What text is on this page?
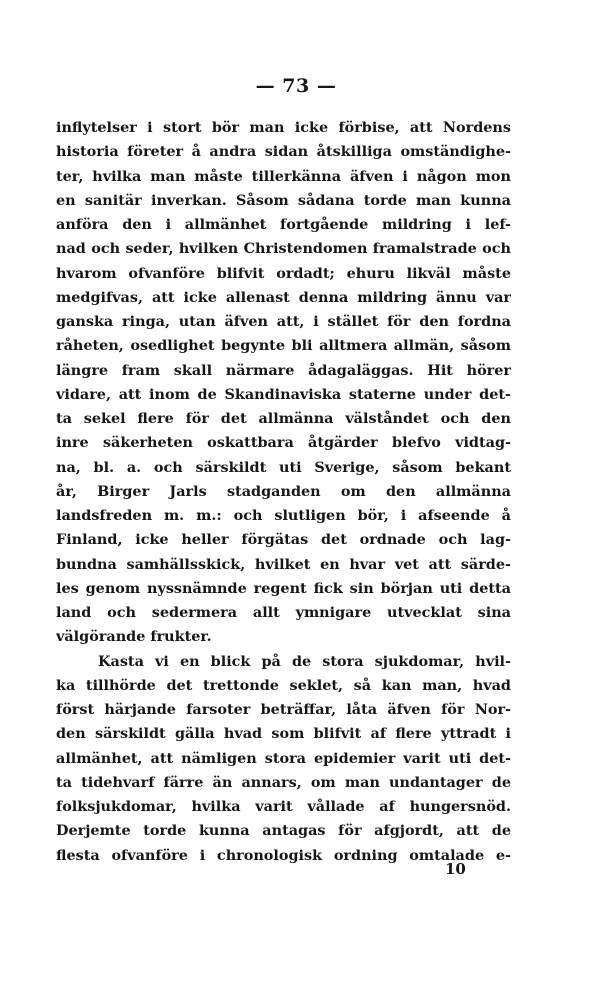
— 73 —
inflytelser i stort bör man icke förbise, att Nordens
historia företer å andra sidan åtskilliga omständighe-
ter, hvilka man måste tillerkänna äfven i någon mon
en sanitär inverkan. Såsom sådana torde man kunna
anföra den i allmänhet fortgående mildring i lef-
nad och seder, hvilken Christendomen framalstrade och
hvarom ofvanföre blifvit ordadt; ehuru likväl måste
medgifvas, att icke allenast denna mildring ännu var
ganska ringa, utan äfven att, i stället för den fordna
råheten, osedlighet begynte bli alltmera allmän, såsom
längre fram skall närmare ådagaläggas. Hit hörer
vidare, att inom de Skandinaviska staterne under det-
ta sekel flere för det allmänna välståndet och den
inre säkerheten oskattbara åtgärder blefvo vidtag-
na, bl. a. och särskildt uti Sverige, såsom bekant
år, Birger Jarls stadganden om den allmänna
landsfreden m. m.: och slutligen bör, i afseende å
Finland, icke heller förgätas det ordnade och lag-
bundna samhällsskick, hvilket en hvar vet att särde-
les genom nyssnämnde regent fick sin början uti detta
land och sedermera allt ymnigare utvecklat sina
välgörande frukter.
Kasta vi en blick på de stora sjukdomar, hvil-
ka tillhörde det trettonde seklet, så kan man, hvad
först härjande farsoter beträffar, låta äfven för Nor-
den särskildt gälla hvad som blifvit af flere yttradt i
allmänhet, att nämligen stora epidemier varit uti det-
ta tidehvarf färre än annars, om man undantager de
folksjukdomar, hvilka varit vållade af hungersnöd.
Derjemte torde kunna antagas för afgjordt, att de
flesta ofvanföre i chronologisk ordning omtalade e-
10
